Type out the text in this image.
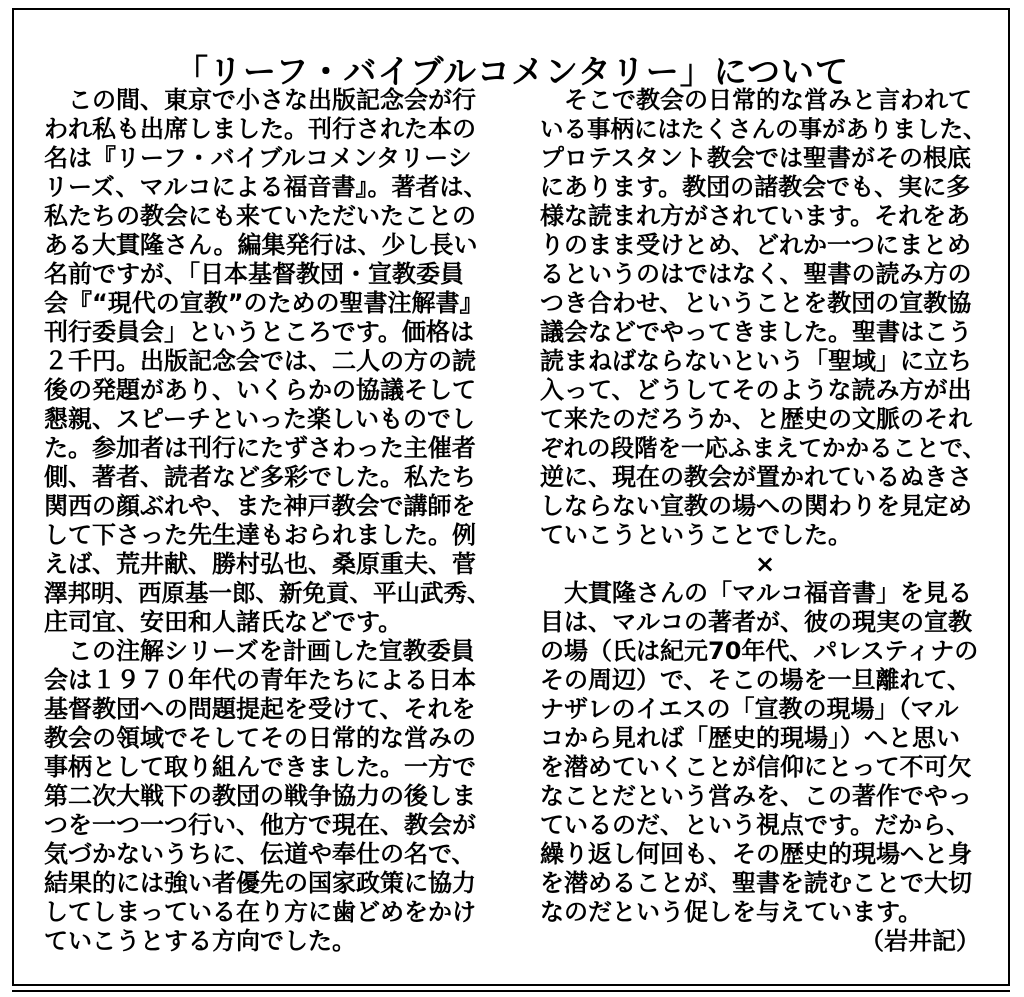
「リーフ・バイブルコメンタリー」について
この間、東京で小さな出版記念会が行
われ私も出席しました。刊行された本の
名は『リーフ・バイブルコメンタリーシ
リーズ、マルコによる福音書』。著者は、
私たちの教会にも来ていただいたことの
ある大貫隆さん。編集発行は、少し長い
名前ですが、「日本基督教団・宣教委員
会『“現代の宣教”のための聖書注解書』
刊行委員会」というところです。価格は
２千円。出版記念会では、二人の方の読
後の発題があり、いくらかの協議そして
懇親、スピーチといった楽しいものでし
た。参加者は刊行にたずさわった主催者
側、著者、読者など多彩でした。私たち
関西の顔ぶれや、また神戸教会で講師を
して下さった先生達もおられました。例
えば、荒井献、勝村弘也、桑原重夫、菅
澤邦明、西原基一郎、新免貢、平山武秀、
庄司宜、安田和人諸氏などです。
この注解シリーズを計画した宣教委員
会は１９７０年代の青年たちによる日本
基督教団への問題提起を受けて、それを
教会の領域でそしてその日常的な営みの
事柄として取り組んできました。一方で
第二次大戦下の教団の戦争協力の後しま
つを一つ一つ行い、他方で現在、教会が
気づかないうちに、伝道や奉仕の名で、
結果的には強い者優先の国家政策に協力
してしまっている在り方に歯どめをかけ
ていこうとする方向でした。
そこで教会の日常的な営みと言われて
いる事柄にはたくさんの事がありました、
プロテスタント教会では聖書がその根底
にあります。教団の諸教会でも、実に多
様な読まれ方がされています。それをあ
りのまま受けとめ、どれか一つにまとめ
るというのはではなく、聖書の読み方の
つき合わせ、ということを教団の宣教協
議会などでやってきました。聖書はこう
読まねばならないという「聖域」に立ち
入って、どうしてそのような読み方が出
て来たのだろうか、と歴史の文脈のそれ
ぞれの段階を一応ふまえてかかることで、
逆に、現在の教会が置かれているぬきさ
しならない宣教の場への関わりを見定め
ていこうということでした。
×
大貫隆さんの「マルコ福音書」を見る
目は、マルコの著者が、彼の現実の宣教
の場（氏は紀元70年代、パレスティナの
その周辺）で、そこの場を一旦離れて、
ナザレのイエスの「宣教の現場」（マル
コから見れば「歴史的現場」）へと思い
を潜めていくことが信仰にとって不可欠
なことだという営みを、この著作でやっ
ているのだ、という視点です。だから、
繰り返し何回も、その歴史的現場へと身
を潜めることが、聖書を読むことで大切
なのだという促しを与えています。
（岩井記）
